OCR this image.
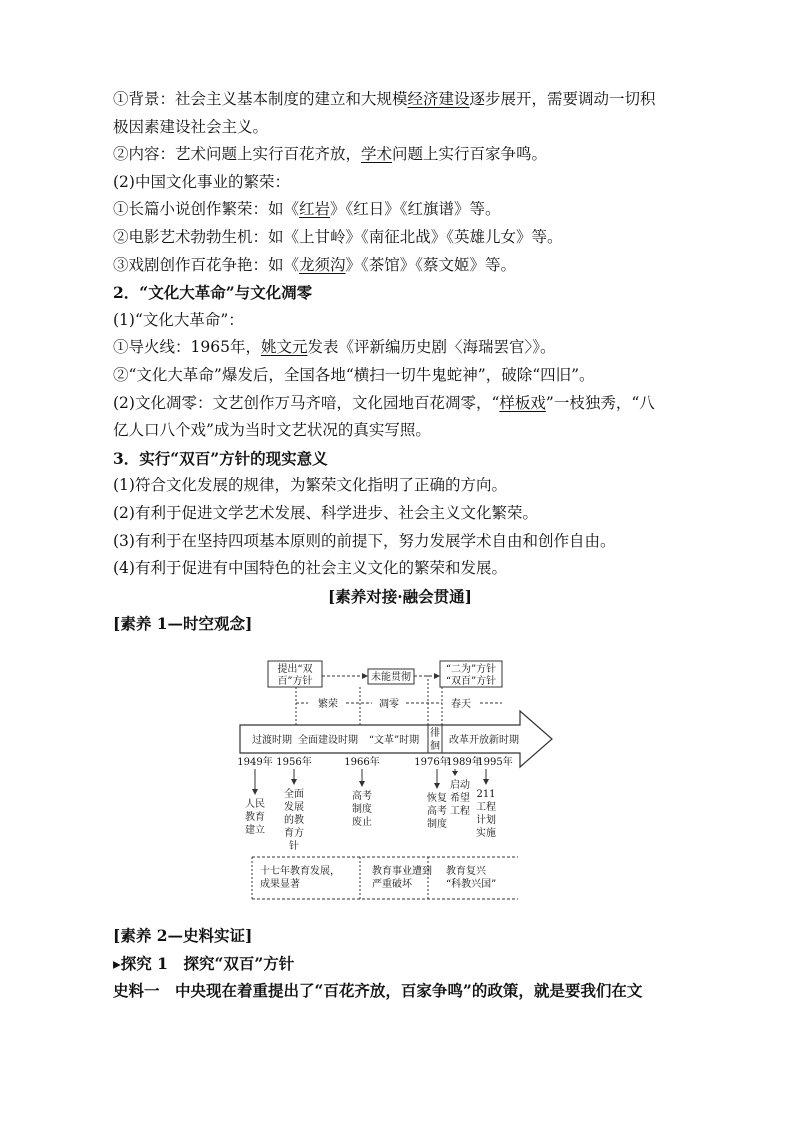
①背景：社会主义基本制度的建立和大规模经济建设逐步展开，需要调动一切积
极因素建设社会主义。
②内容：艺术问题上实行百花齐放，学术问题上实行百家争鸣。
(2)中国文化事业的繁荣：
①长篇小说创作繁荣：如《红岩》《红日》《红旗谱》等。
②电影艺术勃勃生机：如《上甘岭》《南征北战》《英雄儿女》等。
③戏剧创作百花争艳：如《龙须沟》《茶馆》《蔡文姬》等。
2．“文化大革命”与文化凋零
(1)“文化大革命”：
①导火线：1965年，姚文元发表《评新编历史剧〈海瑞罢官〉》。
②“文化大革命”爆发后，全国各地“横扫一切牛鬼蛇神”，破除“四旧”。
(2)文化凋零：文艺创作万马齐喑，文化园地百花凋零，“样板戏”一枝独秀，“八
亿人口八个戏”成为当时文艺状况的真实写照。
3．实行“双百”方针的现实意义
(1)符合文化发展的规律，为繁荣文化指明了正确的方向。
(2)有利于促进文学艺术发展、科学进步、社会主义文化繁荣。
(3)有利于在坚持四项基本原则的前提下，努力发展学术自由和创作自由。
(4)有利于促进有中国特色的社会主义文化的繁荣和发展。
[素养对接·融会贯通]
[素养 1—时空观念]
提出“双
百”方针	未能贯彻
“二为”方针
“双百”方针
繁荣	凋零	春天
过渡时期 全面建设时期 “文革”时期
徘
徊
改革开放新时期
1949年 1956年	1966年	1976年
1989年
1995年
人民
教育
建立
全面
发展
的教
育方
针
高考
制度
废止
恢复
高考
制度
启动
希望
工程
211
工程
计划
实施
十七年教育发展，
成果显著
教育事业遭到
严重破坏
教育复兴
“科教兴国”
[素养 2—史料实证]
▸探究 1　探究“双百”方针
史料一　中央现在着重提出了“百花齐放，百家争鸣”的政策，就是要我们在文
